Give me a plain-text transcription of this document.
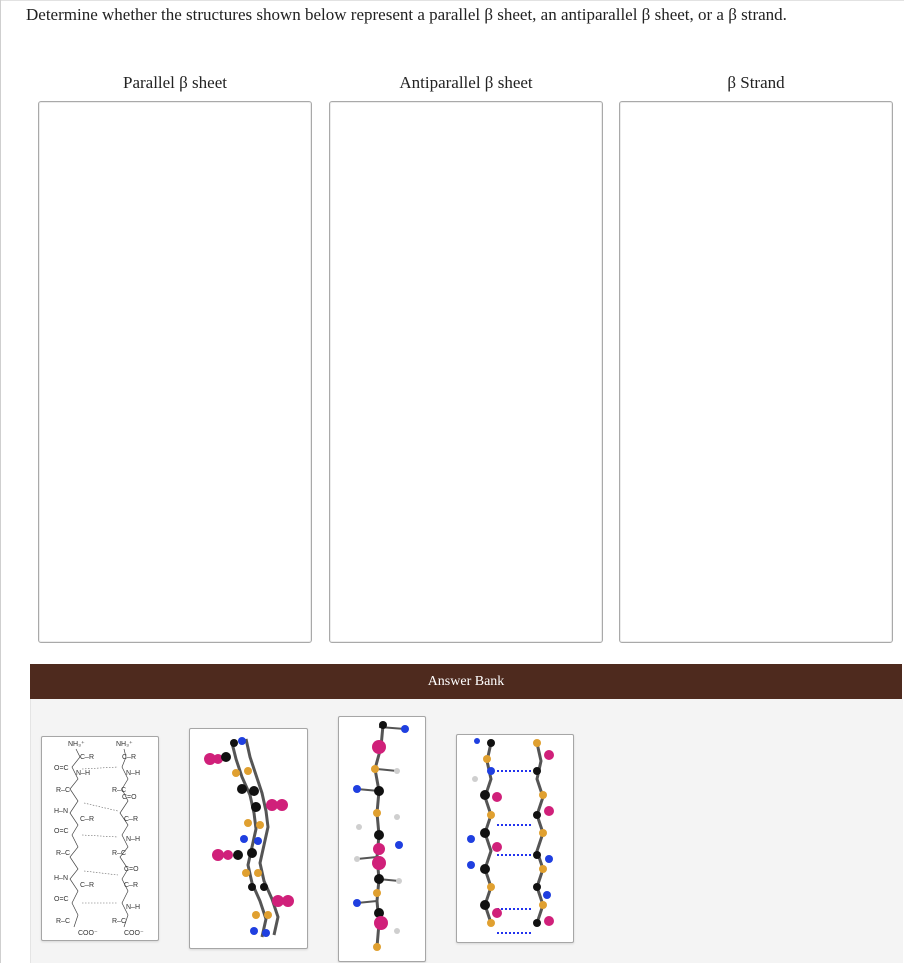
Determine whether the structures shown below represent a parallel β sheet, an antiparallel β sheet, or a β strand.
Parallel β sheet	Antiparallel β sheet	β Strand
Answer Bank
NH₃⁺	NH₃⁺
C–R	C–R
O=C
N–H	N–H
R–C	R–C
H–N
C=O
C–R	C–R
O=C
N–H
R–C	R–C
H–N
C=O
C–R	C–R
O=C
N–H
R–C	R–C
COO⁻	COO⁻
